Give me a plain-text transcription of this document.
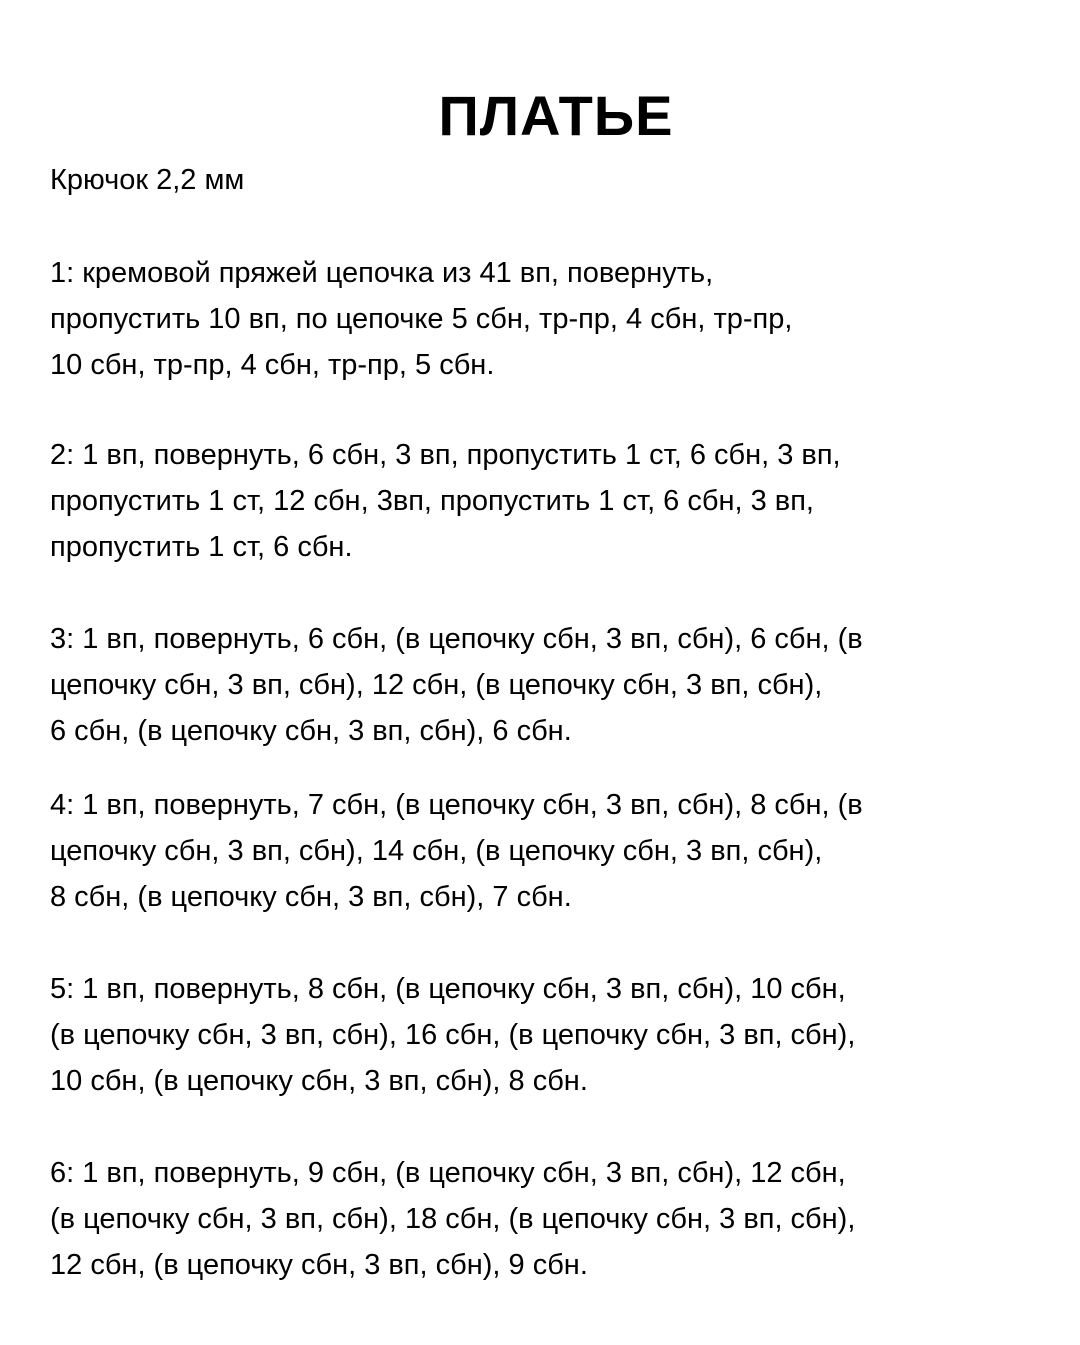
ПЛАТЬЕ
Крючок 2,2 мм
1: кремовой пряжей цепочка из 41 вп, повернуть,
пропустить 10 вп, по цепочке 5 сбн, тр-пр, 4 сбн, тр-пр,
10 сбн, тр-пр, 4 сбн, тр-пр, 5 сбн.
2: 1 вп, повернуть, 6 сбн, 3 вп, пропустить 1 ст, 6 сбн, 3 вп,
пропустить 1 ст, 12 сбн, 3вп, пропустить 1 ст, 6 сбн, 3 вп,
пропустить 1 ст, 6 сбн.
3: 1 вп, повернуть, 6 сбн, (в цепочку сбн, 3 вп, сбн), 6 сбн, (в
цепочку сбн, 3 вп, сбн), 12 сбн, (в цепочку сбн, 3 вп, сбн),
6 сбн, (в цепочку сбн, 3 вп, сбн), 6 сбн.
4: 1 вп, повернуть, 7 сбн, (в цепочку сбн, 3 вп, сбн), 8 сбн, (в
цепочку сбн, 3 вп, сбн), 14 сбн, (в цепочку сбн, 3 вп, сбн),
8 сбн, (в цепочку сбн, 3 вп, сбн), 7 сбн.
5: 1 вп, повернуть, 8 сбн, (в цепочку сбн, 3 вп, сбн), 10 сбн,
(в цепочку сбн, 3 вп, сбн), 16 сбн, (в цепочку сбн, 3 вп, сбн),
10 сбн, (в цепочку сбн, 3 вп, сбн), 8 сбн.
6: 1 вп, повернуть, 9 сбн, (в цепочку сбн, 3 вп, сбн), 12 сбн,
(в цепочку сбн, 3 вп, сбн), 18 сбн, (в цепочку сбн, 3 вп, сбн),
12 сбн, (в цепочку сбн, 3 вп, сбн), 9 сбн.
